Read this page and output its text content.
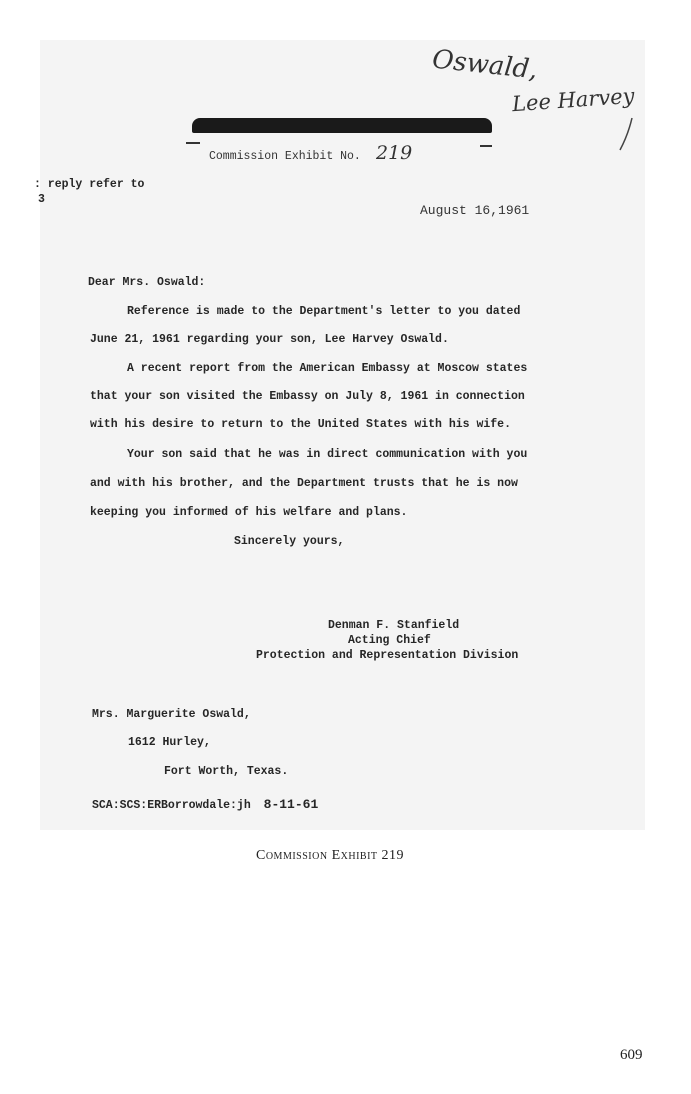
Oswald,
Lee Harvey
Commission Exhibit No. 219
: reply refer to
3
August 16,1961
Dear Mrs. Oswald:
Reference is made to the Department's letter to you dated
June 21, 1961 regarding your son, Lee Harvey Oswald.
A recent report from the American Embassy at Moscow states
that your son visited the Embassy on July 8, 1961 in connection
with his desire to return to the United States with his wife.
Your son said that he was in direct communication with you
and with his brother, and the Department trusts that he is now
keeping you informed of his welfare and plans.
Sincerely yours,
Denman F. Stanfield
Acting Chief
Protection and Representation Division
Mrs. Marguerite Oswald,
1612 Hurley,
Fort Worth, Texas.
SCA:SCS:ERBorrowdale:jh 8-11-61
Commission Exhibit 219
609
